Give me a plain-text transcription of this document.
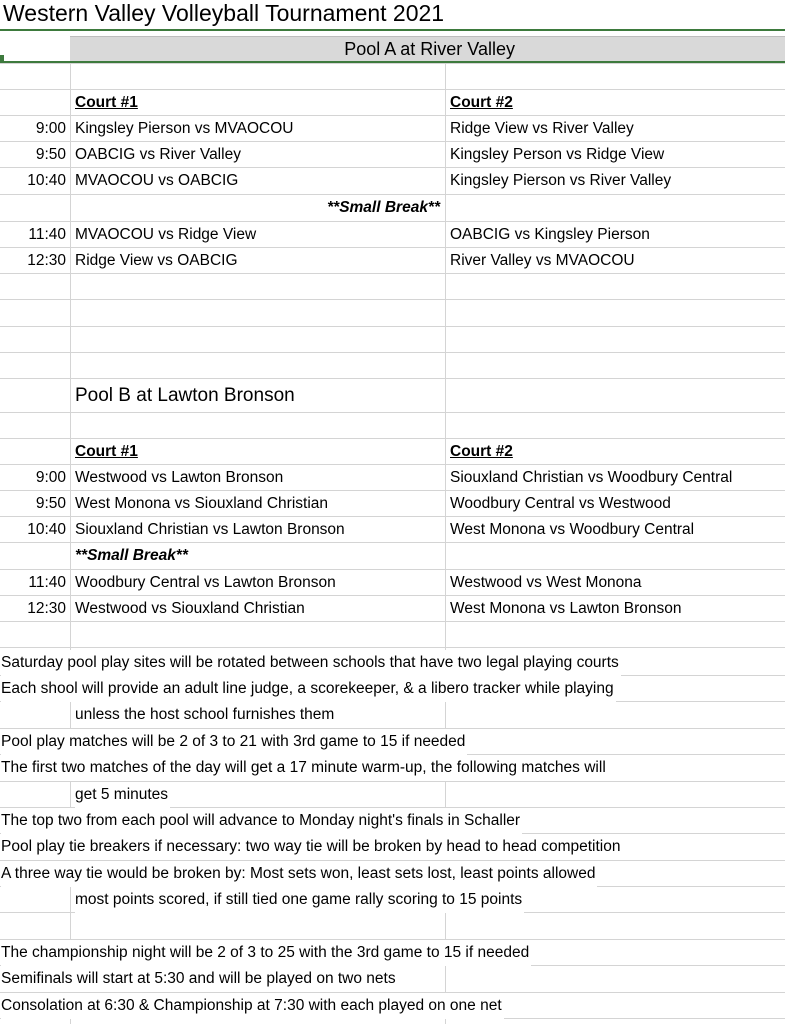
Western Valley Volleyball Tournament 2021
Pool A at River Valley
Court #1	Court #2
9:00 Kingsley Pierson vs MVAOCOU	Ridge View vs River Valley
9:50 OABCIG vs River Valley	Kingsley Person vs Ridge View
10:40 MVAOCOU vs OABCIG	Kingsley Pierson vs River Valley
**Small Break**
11:40 MVAOCOU vs Ridge View	OABCIG vs Kingsley Pierson
12:30 Ridge View vs OABCIG	River Valley vs MVAOCOU
Pool B at Lawton Bronson
Court #1	Court #2
9:00 Westwood vs Lawton Bronson	Siouxland Christian vs Woodbury Central
9:50 West Monona vs Siouxland Christian	Woodbury Central vs Westwood
10:40 Siouxland Christian vs Lawton Bronson	West Monona vs Woodbury Central
**Small Break**
11:40 Woodbury Central vs Lawton Bronson	Westwood vs West Monona
12:30 Westwood vs Siouxland Christian	West Monona vs Lawton Bronson
Saturday pool play sites will be rotated between schools that have two legal playing courts
Each shool will provide an adult line judge, a scorekeeper, & a libero tracker while playing
unless the host school furnishes them
Pool play matches will be 2 of 3 to 21 with 3rd game to 15 if needed
The first two matches of the day will get a 17 minute warm-up, the following matches will
get 5 minutes
The top two from each pool will advance to Monday night's finals in Schaller
Pool play tie breakers if necessary: two way tie will be broken by head to head competition
A three way tie would be broken by: Most sets won, least sets lost, least points allowed
most points scored, if still tied one game rally scoring to 15 points
The championship night will be 2 of 3 to 25 with the 3rd game to 15 if needed
Semifinals will start at 5:30 and will be played on two nets
Consolation at 6:30 & Championship at 7:30 with each played on one net
